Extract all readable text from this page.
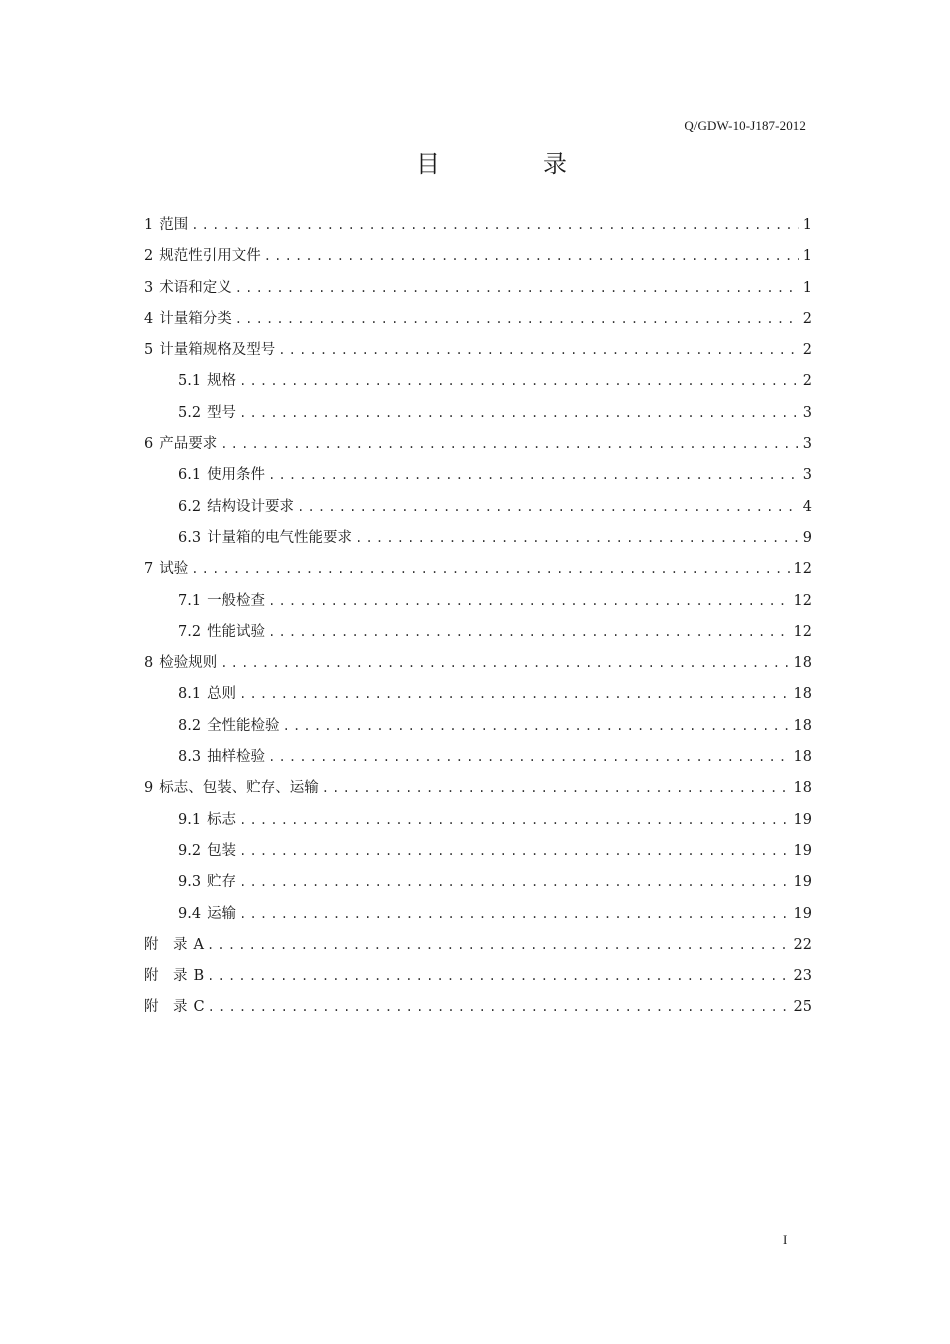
Q/GDW-10-J187-2012
目	录
1 范围 .....	1
2 规范性引用文件 .....	1
3 术语和定义 .....	1
4 计量箱分类 .....	2
5 计量箱规格及型号 .....	2
5.1 规格 .....	2
5.2 型号 .....	3
6 产品要求 .....	3
6.1 使用条件 .....	3
6.2 结构设计要求 .....	4
6.3 计量箱的电气性能要求 .....	9
7 试验 .....	12
7.1 一般检查 .....	12
7.2 性能试验 .....	12
8 检验规则 .....	18
8.1 总则 .....	18
8.2 全性能检验 .....	18
8.3 抽样检验 .....	18
9 标志、包装、贮存、运输 .....	18
9.1 标志 .....	19
9.2 包装 .....	19
9.3 贮存 .....	19
9.4 运输 .....	19
附　录 A .....	22
附　录 B .....	23
附　录 C .....	25
I
